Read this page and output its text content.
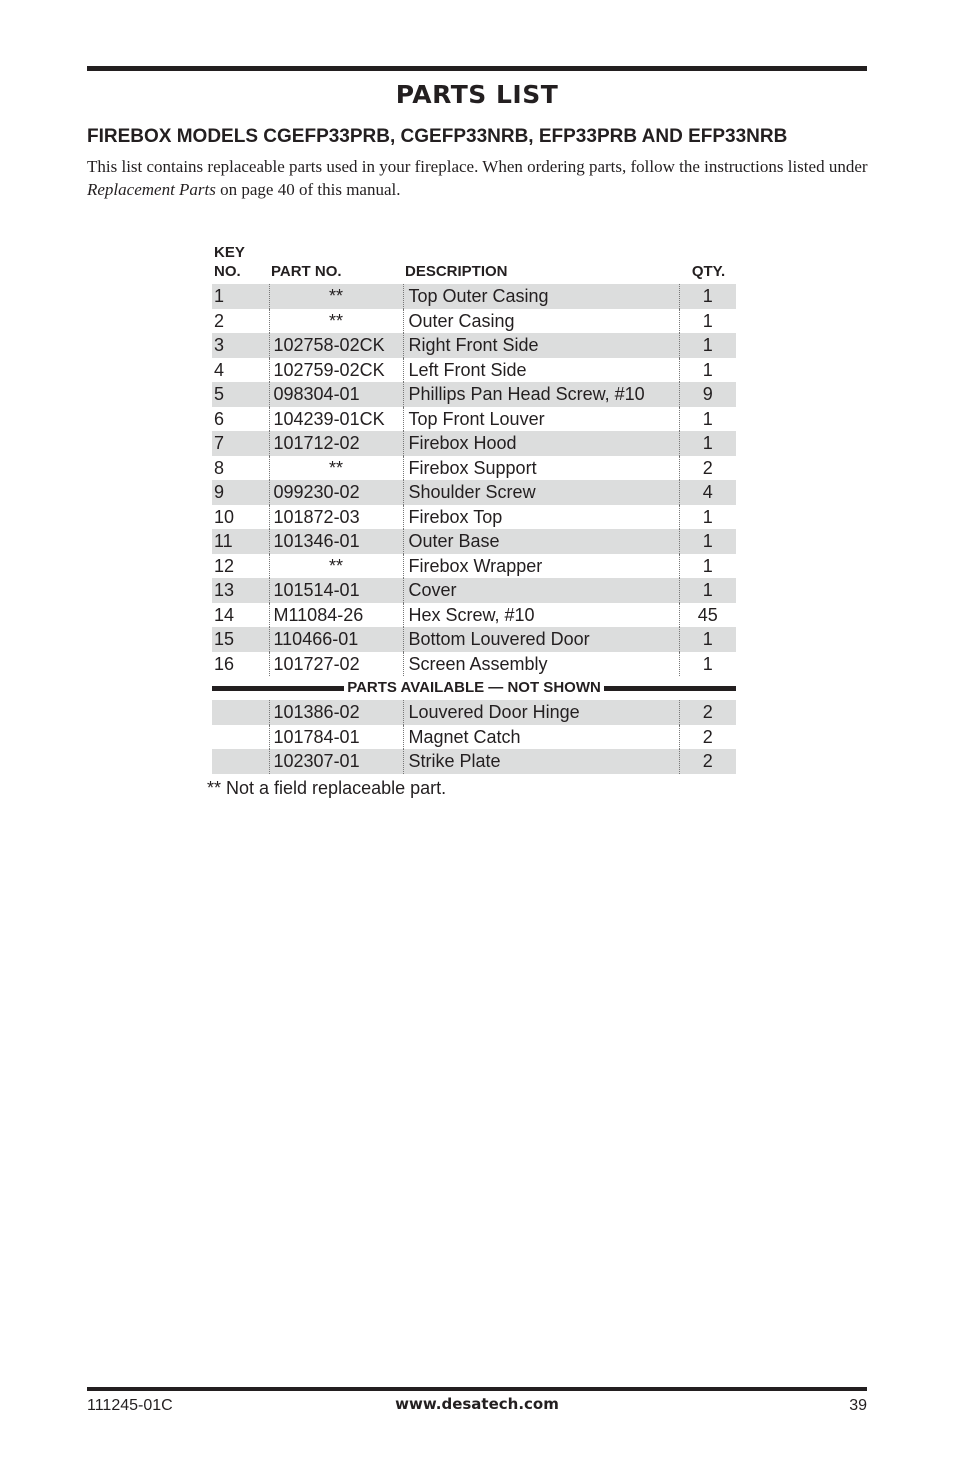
PARTS LIST
FIREBOX MODELS CGEFP33PRB, CGEFP33NRB, EFP33PRB AND EFP33NRB
This list contains replaceable parts used in your fireplace. When ordering parts, follow the instructions listed under Replacement Parts on page 40 of this manual.
KEY
NO.	PART NO.	DESCRIPTION	QTY.
1	**	Top Outer Casing	1
2	**	Outer Casing	1
3	102758-02CK	Right Front Side	1
4	102759-02CK	Left Front Side	1
5	098304-01	Phillips Pan Head Screw, #10	9
6	104239-01CK	Top Front Louver	1
7	101712-02	Firebox Hood	1
8	**	Firebox Support	2
9	099230-02	Shoulder Screw	4
10	101872-03	Firebox Top	1
11	101346-01	Outer Base	1
12	**	Firebox Wrapper	1
13	101514-01	Cover	1
14	M11084-26	Hex Screw, #10	45
15	110466-01	Bottom Louvered Door	1
16	101727-02	Screen Assembly	1

PARTS AVAILABLE — NOT SHOWN			

	101386-02	Louvered Door Hinge	2
	101784-01	Magnet Catch	2
	102307-01	Strike Plate	2
** Not a field replaceable part.
111245-01C	www.desatech.com	39
